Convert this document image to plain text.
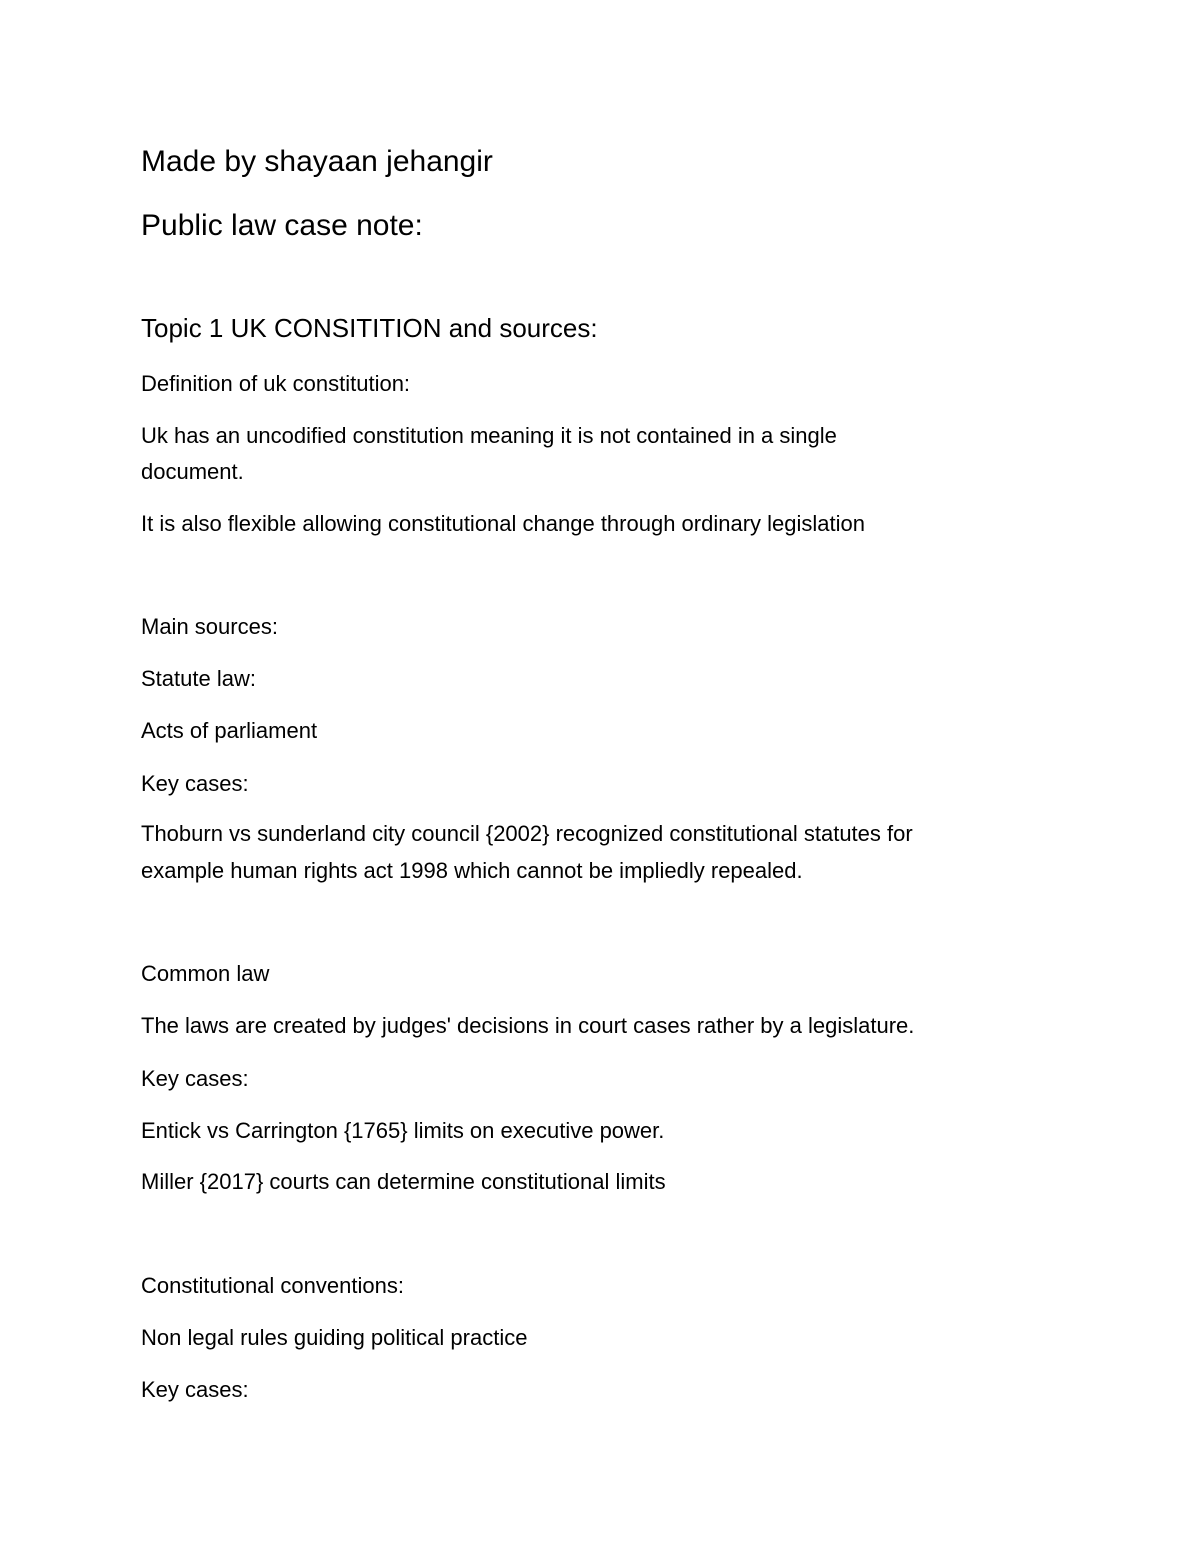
Made by shayaan jehangir
Public law case note:
Topic 1 UK CONSITITION and sources:
Definition of uk constitution:
Uk has an uncodified constitution meaning it is not contained in a single
document.
It is also flexible allowing constitutional change through ordinary legislation
Main sources:
Statute law:
Acts of parliament
Key cases:
Thoburn vs sunderland city council {2002} recognized constitutional statutes for
example human rights act 1998 which cannot be impliedly repealed.
Common law
The laws are created by judges' decisions in court cases rather by a legislature.
Key cases:
Entick vs Carrington {1765} limits on executive power.
Miller {2017} courts can determine constitutional limits
Constitutional conventions:
Non legal rules guiding political practice
Key cases:
